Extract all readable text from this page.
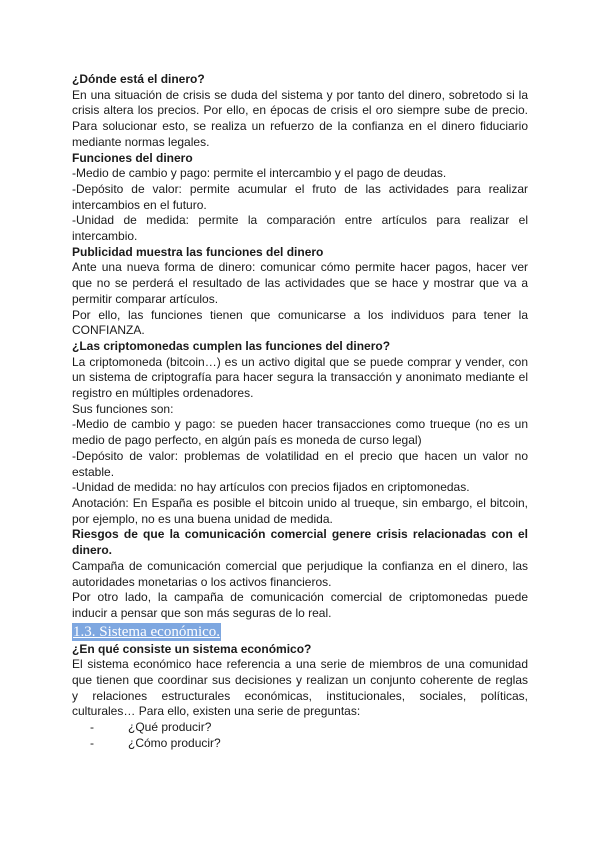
¿Dónde está el dinero?
En una situación de crisis se duda del sistema y por tanto del dinero, sobretodo si la
crisis altera los precios. Por ello, en épocas de crisis el oro siempre sube de precio.
Para solucionar esto, se realiza un refuerzo de la confianza en el dinero fiduciario
mediante normas legales.
Funciones del dinero
-Medio de cambio y pago: permite el intercambio y el pago de deudas.
-Depósito de valor: permite acumular el fruto de las actividades para realizar
intercambios en el futuro.
-Unidad de medida: permite la comparación entre artículos para realizar el
intercambio.
Publicidad muestra las funciones del dinero
Ante una nueva forma de dinero: comunicar cómo permite hacer pagos, hacer ver
que no se perderá el resultado de las actividades que se hace y mostrar que va a
permitir comparar artículos.
Por ello, las funciones tienen que comunicarse a los individuos para tener la
CONFIANZA.
¿Las criptomonedas cumplen las funciones del dinero?
La criptomoneda (bitcoin…) es un activo digital que se puede comprar y vender, con
un sistema de criptografía para hacer segura la transacción y anonimato mediante el
registro en múltiples ordenadores.
Sus funciones son:
-Medio de cambio y pago: se pueden hacer transacciones como trueque (no es un
medio de pago perfecto, en algún país es moneda de curso legal)
-Depósito de valor: problemas de volatilidad en el precio que hacen un valor no
estable.
-Unidad de medida: no hay artículos con precios fijados en criptomonedas.
Anotación: En España es posible el bitcoin unido al trueque, sin embargo, el bitcoin,
por ejemplo, no es una buena unidad de medida.
Riesgos de que la comunicación comercial genere crisis relacionadas con el
dinero.
Campaña de comunicación comercial que perjudique la confianza en el dinero, las
autoridades monetarias o los activos financieros.
Por otro lado, la campaña de comunicación comercial de criptomonedas puede
inducir a pensar que son más seguras de lo real.
1.3. Sistema económico.
¿En qué consiste un sistema económico?
El sistema económico hace referencia a una serie de miembros de una comunidad
que tienen que coordinar sus decisiones y realizan un conjunto coherente de reglas
y relaciones estructurales económicas, institucionales, sociales, políticas,
culturales… Para ello, existen una serie de preguntas:
-	¿Qué producir?
-	¿Cómo producir?
